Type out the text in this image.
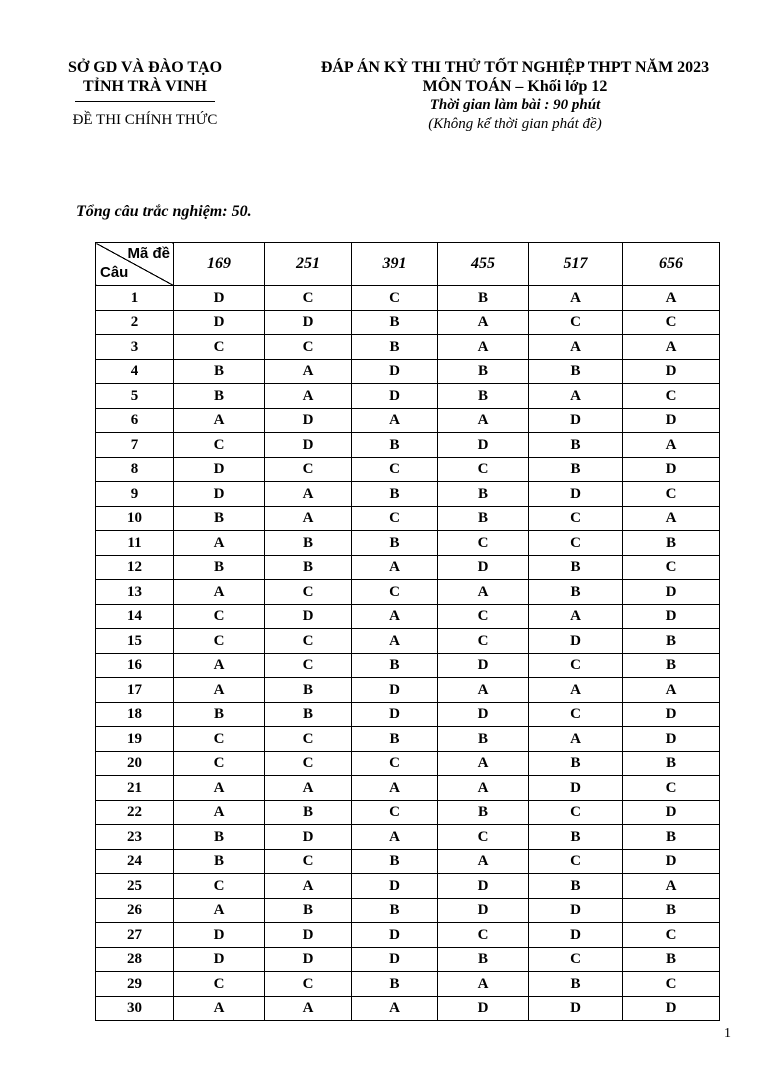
SỞ GD VÀ ĐÀO TẠO
TỈNH TRÀ VINH
ĐỀ THI CHÍNH THỨC
ĐÁP ÁN KỲ THI THỬ TỐT NGHIỆP THPT NĂM 2023
MÔN TOÁN – Khối lớp 12
Thời gian làm bài : 90 phút
(Không kể thời gian phát đề)
Tổng câu trắc nghiệm: 50.
Mã đề
Câu	169	251	391	455	517	656
1	D	C	C	B	A	A
2	D	D	B	A	C	C
3	C	C	B	A	A	A
4	B	A	D	B	B	D
5	B	A	D	B	A	C
6	A	D	A	A	D	D
7	C	D	B	D	B	A
8	D	C	C	C	B	D
9	D	A	B	B	D	C
10	B	A	C	B	C	A
11	A	B	B	C	C	B
12	B	B	A	D	B	C
13	A	C	C	A	B	D
14	C	D	A	C	A	D
15	C	C	A	C	D	B
16	A	C	B	D	C	B
17	A	B	D	A	A	A
18	B	B	D	D	C	D
19	C	C	B	B	A	D
20	C	C	C	A	B	B
21	A	A	A	A	D	C
22	A	B	C	B	C	D
23	B	D	A	C	B	B
24	B	C	B	A	C	D
25	C	A	D	D	B	A
26	A	B	B	D	D	B
27	D	D	D	C	D	C
28	D	D	D	B	C	B
29	C	C	B	A	B	C
30	A	A	A	D	D	D
1
